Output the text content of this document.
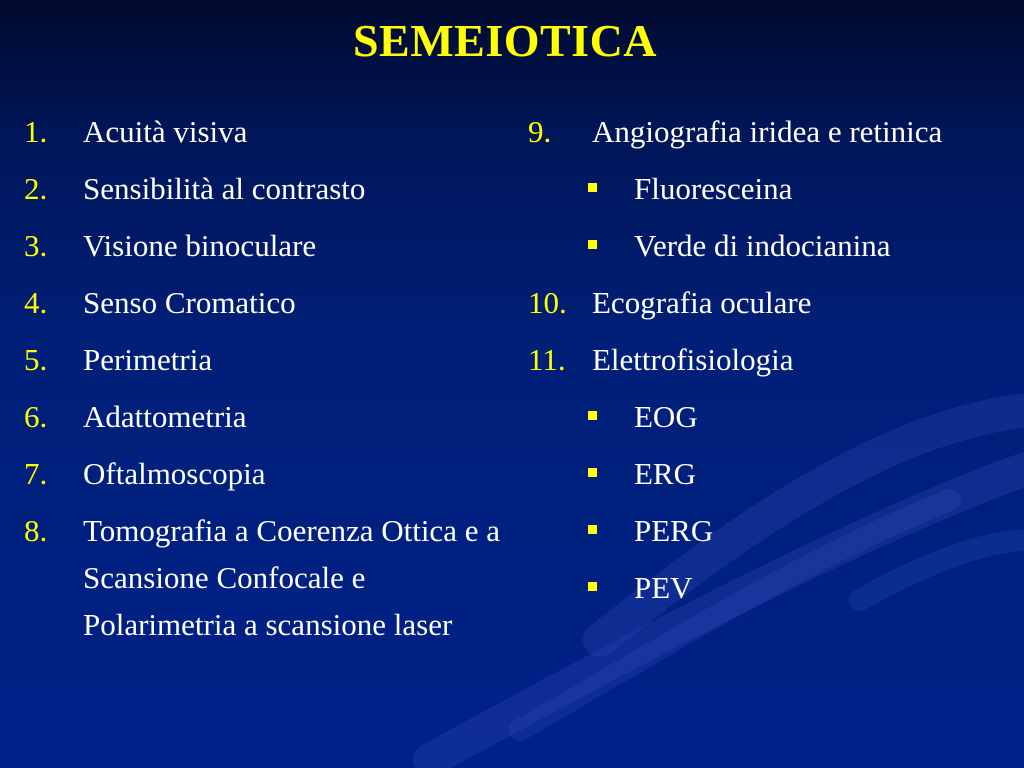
SEMEIOTICA
1. Acuità visiva
2. Sensibilità al contrasto
3. Visione binoculare
4. Senso Cromatico
5. Perimetria
6. Adattometria
7. Oftalmoscopia
8. Tomografia a Coerenza Ottica e a Scansione Confocale e Polarimetria a scansione laser
9. Angiografia iridea e retinica
Fluoresceina
Verde di indocianina
10. Ecografia oculare
11. Elettrofisiologia
EOG
ERG
PERG
PEV
